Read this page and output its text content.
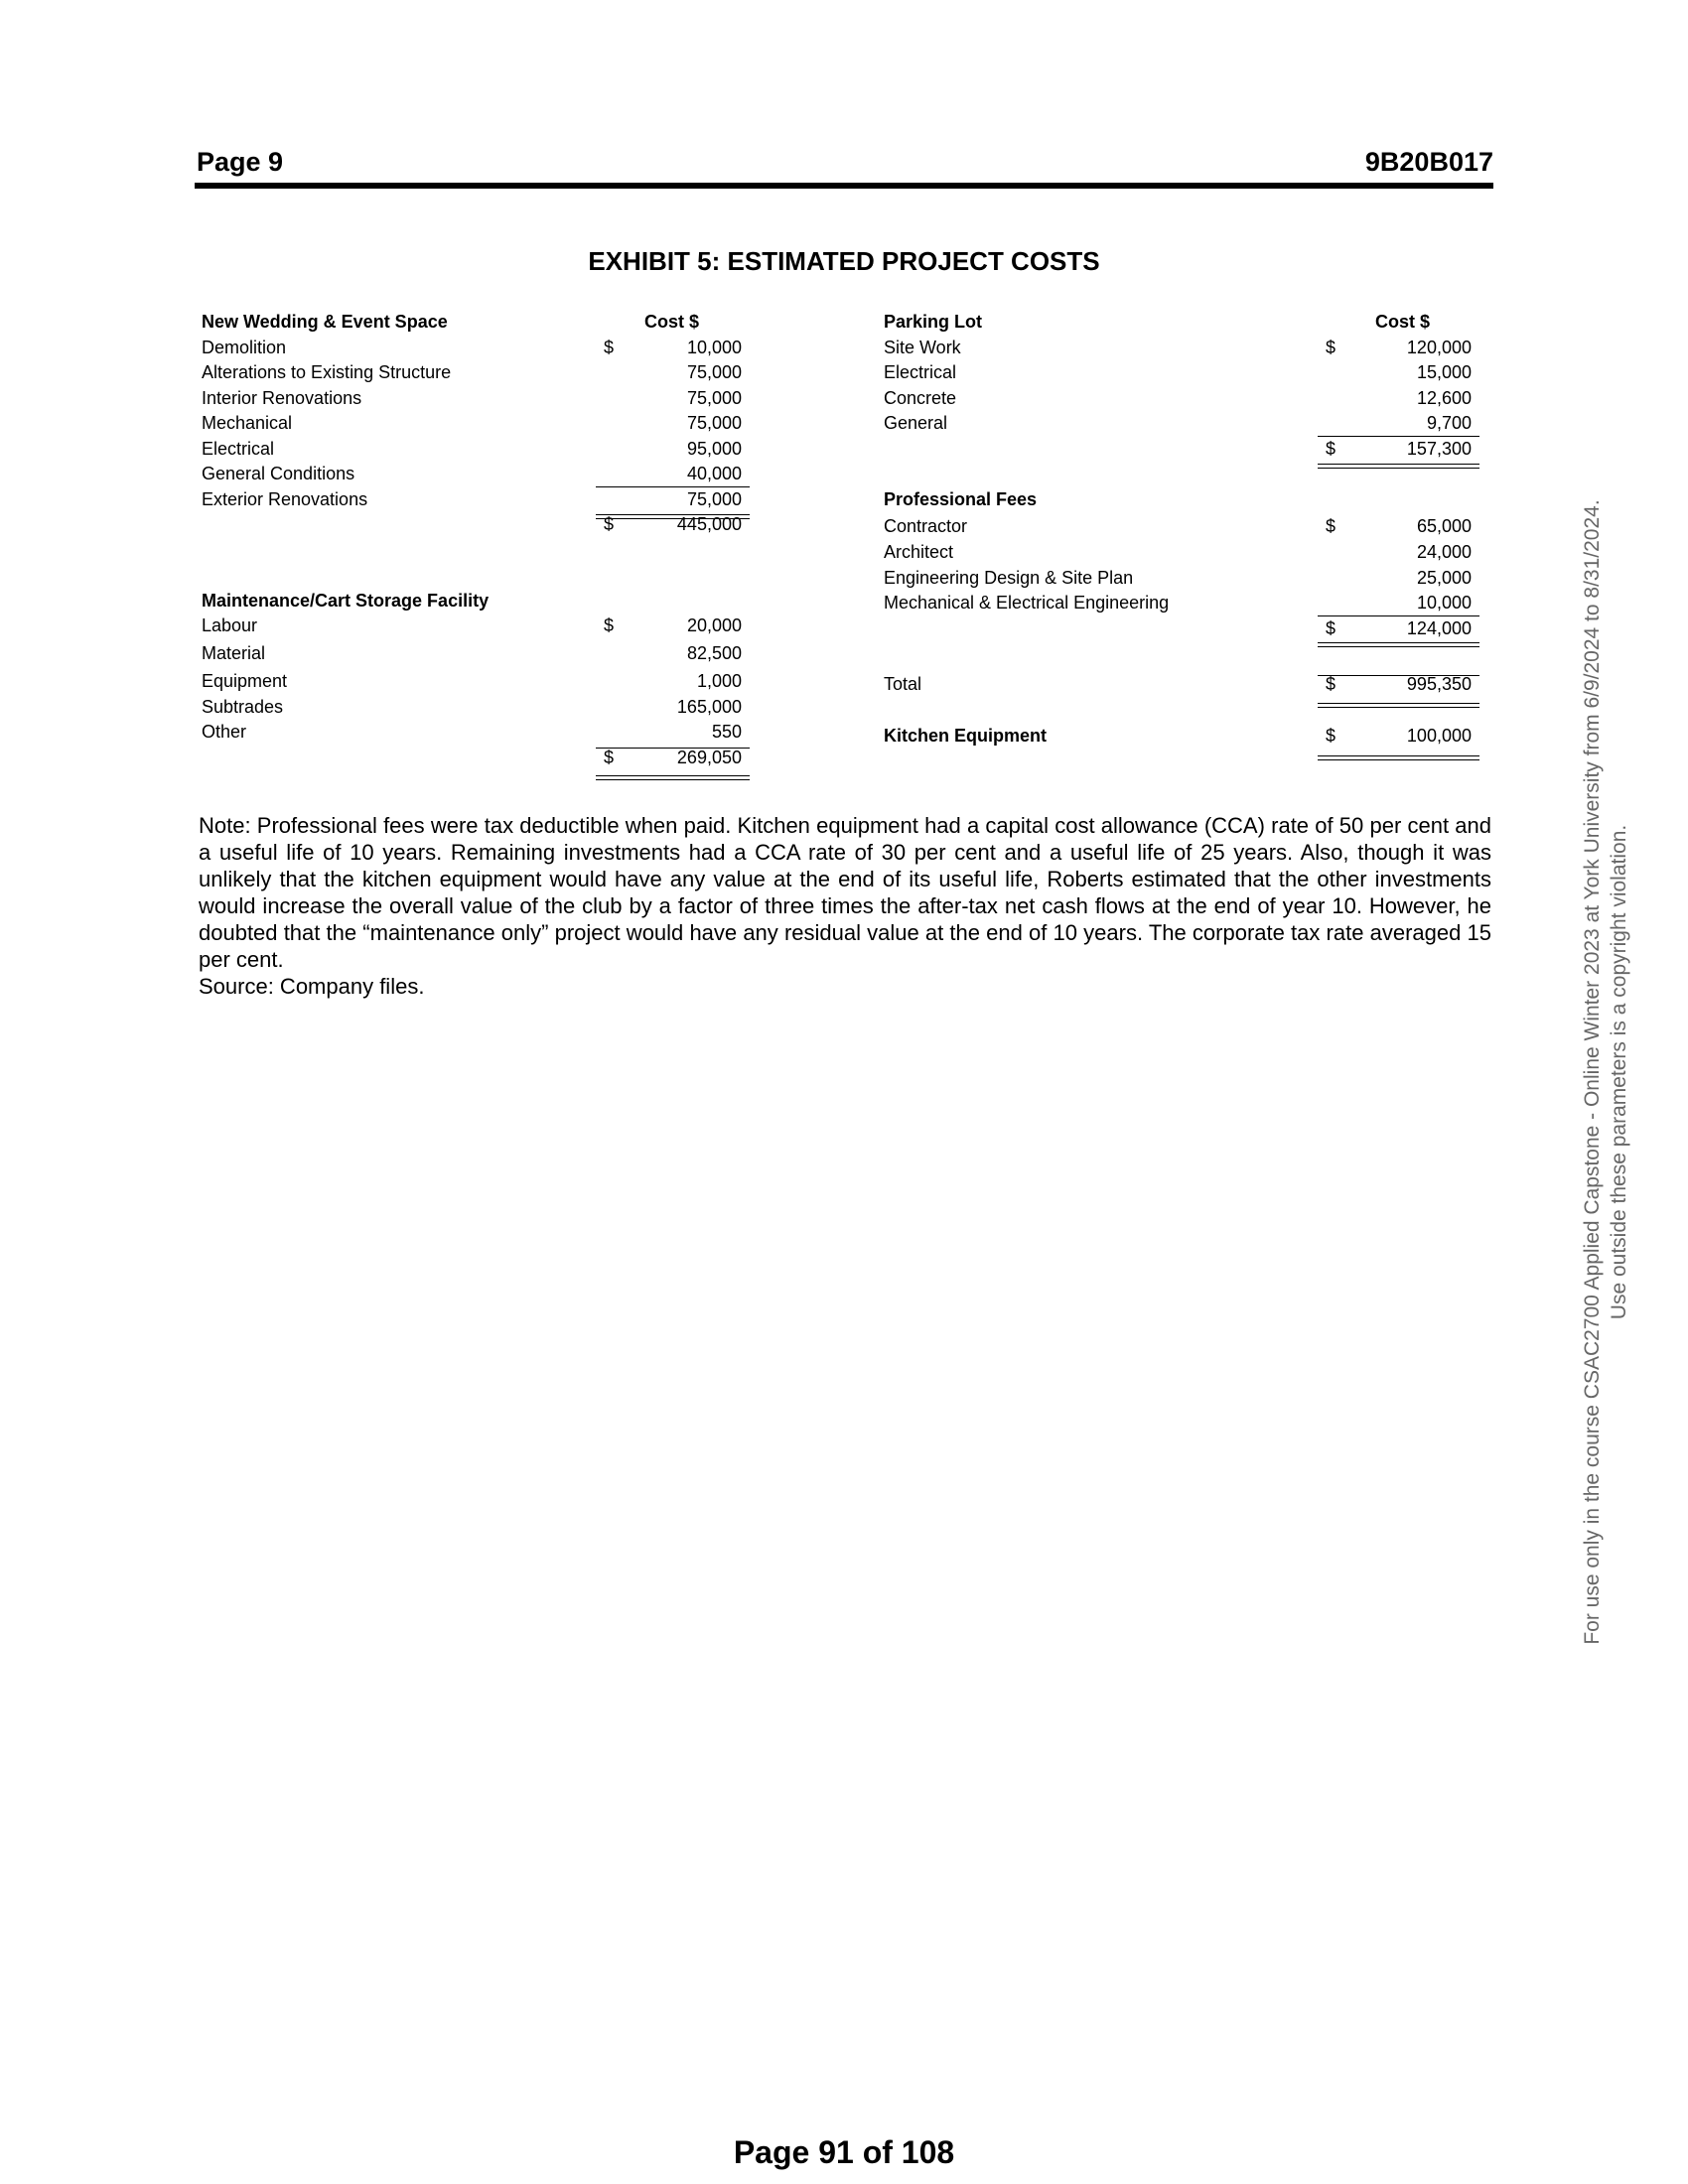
Page 9	9B20B017
EXHIBIT 5: ESTIMATED PROJECT COSTS
New Wedding & Event Space	Cost $
Demolition	$	10,000
Alterations to Existing Structure	75,000
Interior Renovations	75,000
Mechanical	75,000
Electrical	95,000
General Conditions	40,000
Exterior Renovations	75,000
$	445,000
Maintenance/Cart Storage Facility
Labour	$	20,000
Material	82,500
Equipment	1,000
Subtrades	165,000
Other	550
$	269,050
Parking Lot	Cost $
Site Work	$	120,000
Electrical	15,000
Concrete	12,600
General	9,700
$	157,300
Professional Fees
Contractor	$	65,000
Architect	24,000
Engineering Design & Site Plan	25,000
Mechanical & Electrical Engineering	10,000
$	124,000
Total	$	995,350
Kitchen Equipment	$	100,000

Note: Professional fees were tax deductible when paid. Kitchen equipment had a capital cost allowance (CCA) rate of 50 per cent and a useful life of 10 years. Remaining investments had a CCA rate of 30 per cent and a useful life of 25 years. Also, though it was unlikely that the kitchen equipment would have any value at the end of its useful life, Roberts estimated that the other investments would increase the overall value of the club by a factor of three times the after-tax net cash flows at the end of year 10. However, he doubted that the “maintenance only” project would have any residual value at the end of 10 years. The corporate tax rate averaged 15 per cent.

Source: Company files.	For use only in the course CSAC2700 Applied Capstone - Online Winter 2023 at York University from 6/9/2024 to 8/31/2024. Use outside these parameters is a copyright violation.
Page 91 of 108
